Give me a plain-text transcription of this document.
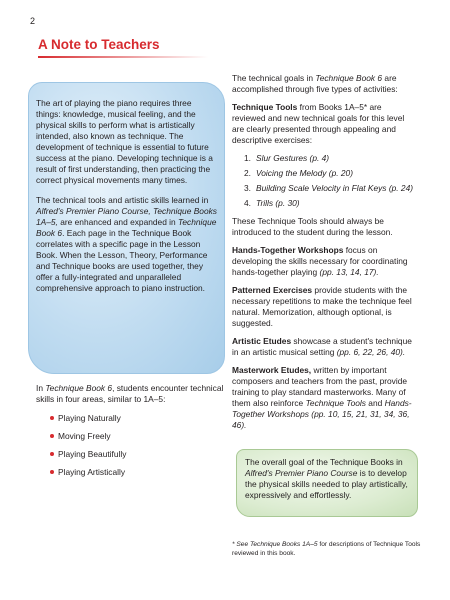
2
A Note to Teachers

The art of playing the piano requires three things: knowledge, musical feeling, and the physical skills to perform what is artistically intended, also known as technique. The development of technique is essential to future success at the piano. Developing technique is a result of first understanding, then practicing the correct physical movements many times.

The technical tools and artistic skills learned in Alfred's Premier Piano Course, Technique Books 1A–5, are enhanced and expanded in Technique Book 6. Each page in the Technique Book correlates with a specific page in the Lesson Book. When the Lesson, Theory, Performance and Technique books are used together, they offer a fully-integrated and unparalleled comprehensive approach to piano instruction.

In Technique Book 6, students encounter technical skills in four areas, similar to 1A–5:

Playing Naturally
Moving Freely
Playing Beautifully
Playing Artistically

The technical goals in Technique Book 6 are accomplished through five types of activities:

Technique Tools from Books 1A–5* are reviewed and new technical goals for this level are clearly presented through appealing and descriptive exercises:

1. Slur Gestures (p. 4)
2. Voicing the Melody (p. 20)
3. Building Scale Velocity in Flat Keys (p. 24)
4. Trills (p. 30)

These Technique Tools should always be introduced to the student during the lesson.

Hands-Together Workshops focus on developing the skills necessary for coordinating hands-together playing (pp. 13, 14, 17).

Patterned Exercises provide students with the necessary repetitions to make the technique feel natural. Memorization, although optional, is suggested.

Artistic Etudes showcase a student's technique in an artistic musical setting (pp. 6, 22, 26, 40).

Masterwork Etudes, written by important composers and teachers from the past, provide training to play standard masterworks. Many of them also reinforce Technique Tools and Hands-Together Workshops (pp. 10, 15, 21, 31, 34, 36, 46).

The overall goal of the Technique Books in Alfred's Premier Piano Course is to develop the physical skills needed to play artistically, expressively and effortlessly.
* See Technique Books 1A–5 for descriptions of Technique Tools reviewed in this book.
